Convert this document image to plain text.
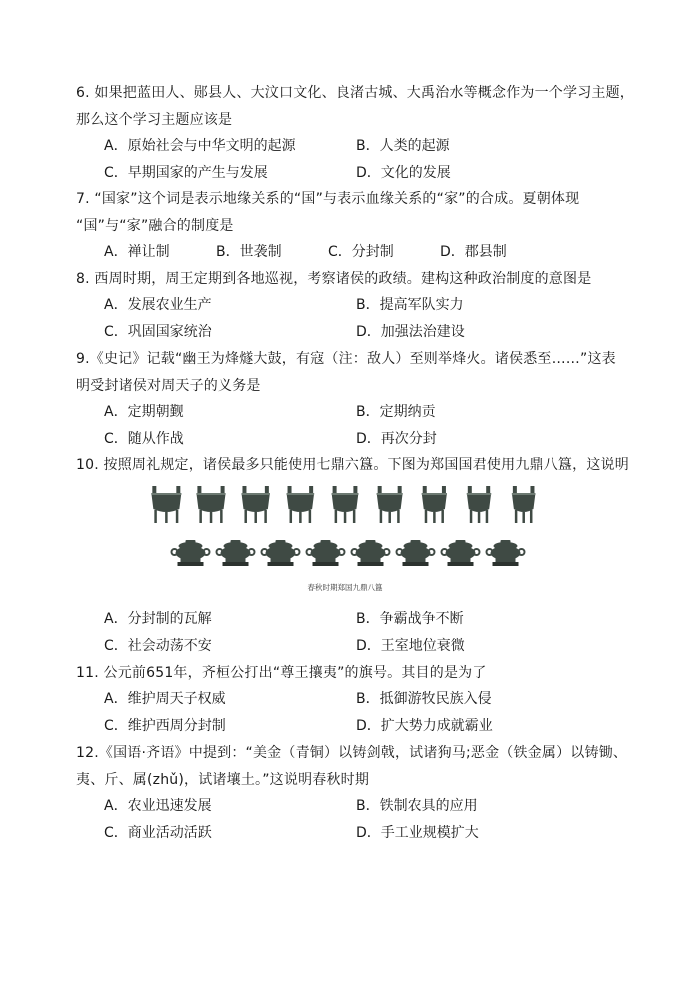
6. 如果把蓝田人、郧县人、大汶口文化、良渚古城、大禹治水等概念作为一个学习主题，
那么这个学习主题应该是
A．原始社会与中华文明的起源	B．人类的起源
C．早期国家的产生与发展	D．文化的发展
7. “国家”这个词是表示地缘关系的“国”与表示血缘关系的“家”的合成。夏朝体现
“国”与“家”融合的制度是
A．禅让制	B．世袭制	C．分封制	D．郡县制
8. 西周时期，周王定期到各地巡视，考察诸侯的政绩。建构这种政治制度的意图是
A．发展农业生产	B．提高军队实力
C．巩固国家统治	D．加强法治建设
9.《史记》记载“幽王为烽燧大鼓，有寇（注：敌人）至则举烽火。诸侯悉至……”这表
明受封诸侯对周天子的义务是
A．定期朝觐	B．定期纳贡
C．随从作战	D．再次分封
10. 按照周礼规定，诸侯最多只能使用七鼎六簋。下图为郑国国君使用九鼎八簋，这说明
春秋时期郑国九鼎八簋
A．分封制的瓦解	B．争霸战争不断
C．社会动荡不安	D．王室地位衰微
11. 公元前651年，齐桓公打出“尊王攘夷”的旗号。其目的是为了
A．维护周天子权威	B．抵御游牧民族入侵
C．维护西周分封制	D．扩大势力成就霸业
12.《国语·齐语》中提到：“美金（青铜）以铸剑戟，试诸狗马;恶金（铁金属）以铸锄、
夷、斤、属(zhǔ)，试诸壤土。”这说明春秋时期
A．农业迅速发展	B．铁制农具的应用
C．商业活动活跃	D．手工业规模扩大
